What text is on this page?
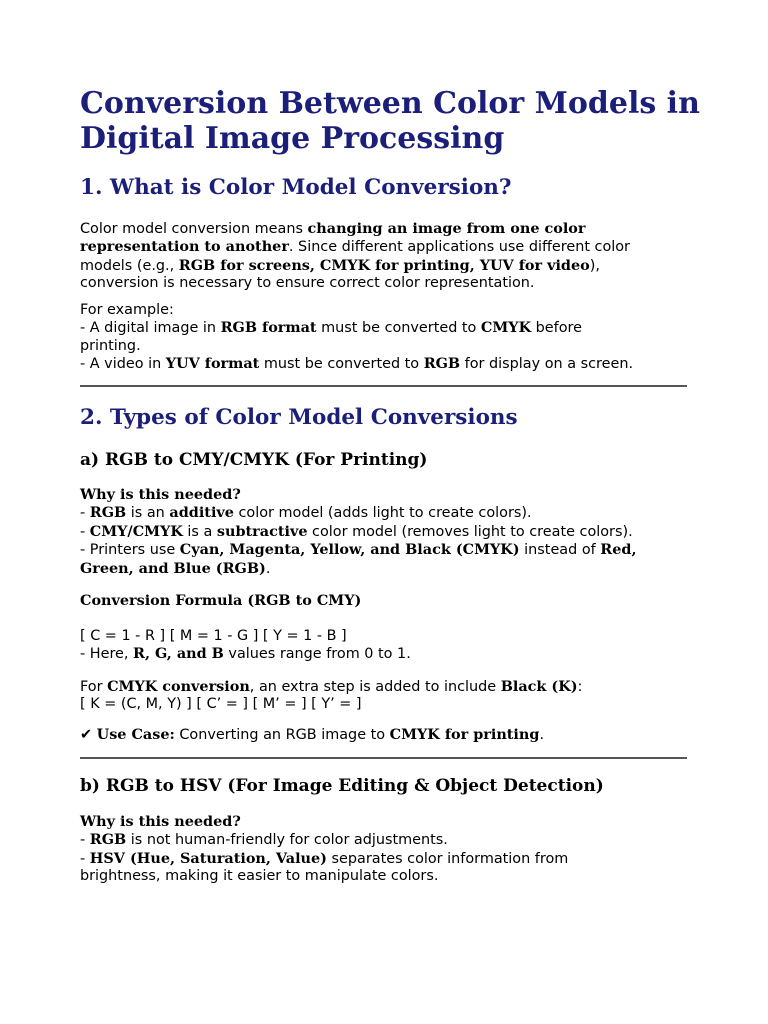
Conversion Between Color Models in Digital Image Processing
1. What is Color Model Conversion?
Color model conversion means changing an image from one color
representation to another. Since different applications use different color
models (e.g., RGB for screens, CMYK for printing, YUV for video),
conversion is necessary to ensure correct color representation.
For example:
- A digital image in RGB format must be converted to CMYK before
printing.
- A video in YUV format must be converted to RGB for display on a screen.
2. Types of Color Model Conversions
a) RGB to CMY/CMYK (For Printing)
Why is this needed?
- RGB is an additive color model (adds light to create colors).
- CMY/CMYK is a subtractive color model (removes light to create colors).
- Printers use Cyan, Magenta, Yellow, and Black (CMYK) instead of Red,
Green, and Blue (RGB).
Conversion Formula (RGB to CMY)
[ C = 1 - R ] [ M = 1 - G ] [ Y = 1 - B ]
- Here, R, G, and B values range from 0 to 1.
For CMYK conversion, an extra step is added to include Black (K):
[ K = (C, M, Y) ] [ C’ = ] [ M’ = ] [ Y’ = ]
✔ Use Case: Converting an RGB image to CMYK for printing.
b) RGB to HSV (For Image Editing & Object Detection)
Why is this needed?
- RGB is not human-friendly for color adjustments.
- HSV (Hue, Saturation, Value) separates color information from
brightness, making it easier to manipulate colors.
